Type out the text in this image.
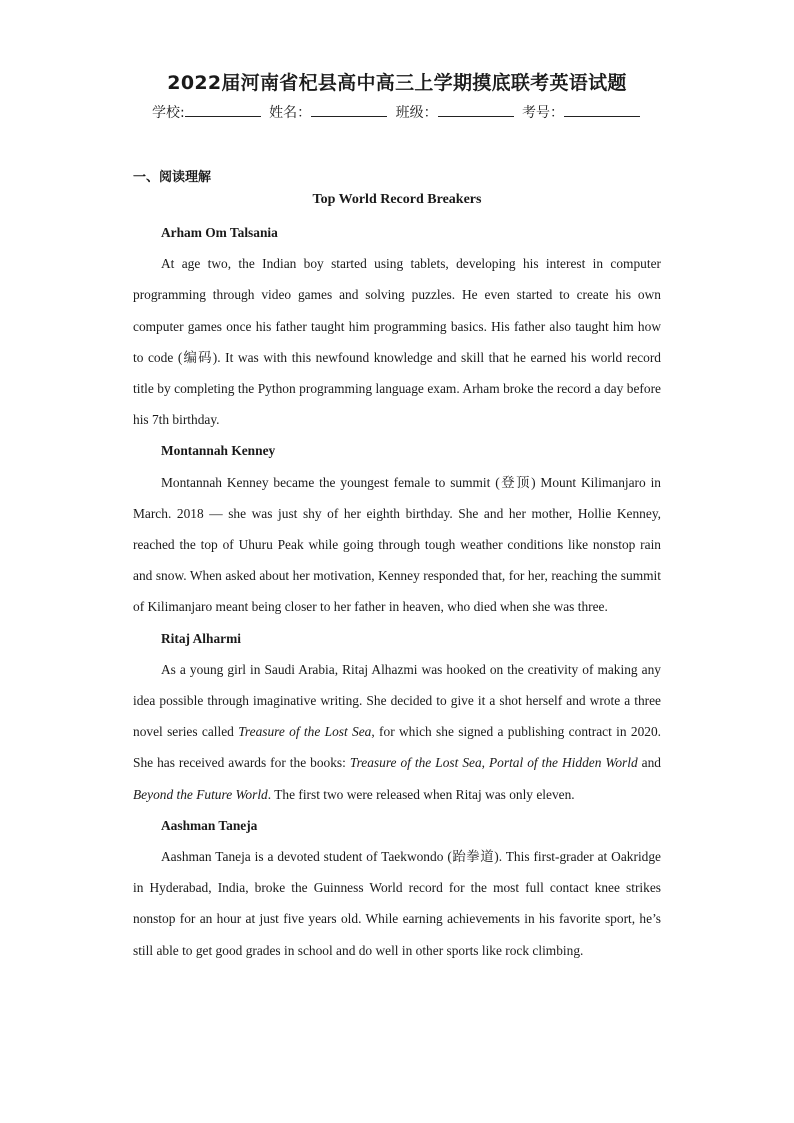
2022届河南省杞县高中高三上学期摸底联考英语试题
学校:	姓名：	班级：	考号：
一、阅读理解
Top World Record Breakers

Arham Om Talsania

At age two, the Indian boy started using tablets, developing his interest in computer programming through video games and solving puzzles. He even started to create his own computer games once his father taught him programming basics. His father also taught him how to code (编码). It was with this newfound knowledge and skill that he earned his world record title by completing the Python programming language exam. Arham broke the record a day before his 7th birthday.

Montannah Kenney

Montannah Kenney became the youngest female to summit (登顶) Mount Kilimanjaro in March. 2018 — she was just shy of her eighth birthday. She and her mother, Hollie Kenney, reached the top of Uhuru Peak while going through tough weather conditions like nonstop rain and snow. When asked about her motivation, Kenney responded that, for her, reaching the summit of Kilimanjaro meant being closer to her father in heaven, who died when she was three.

Ritaj Alharmi

As a young girl in Saudi Arabia, Ritaj Alhazmi was hooked on the creativity of making any idea possible through imaginative writing. She decided to give it a shot herself and wrote a three novel series called Treasure of the Lost Sea, for which she signed a publishing contract in 2020. She has received awards for the books: Treasure of the Lost Sea, Portal of the Hidden World and Beyond the Future World. The first two were released when Ritaj was only eleven.

Aashman Taneja

Aashman Taneja is a devoted student of Taekwondo (跆拳道). This first-grader at Oakridge in Hyderabad, India, broke the Guinness World record for the most full contact knee strikes nonstop for an hour at just five years old. While earning achievements in his favorite sport, he’s still able to get good grades in school and do well in other sports like rock climbing.
